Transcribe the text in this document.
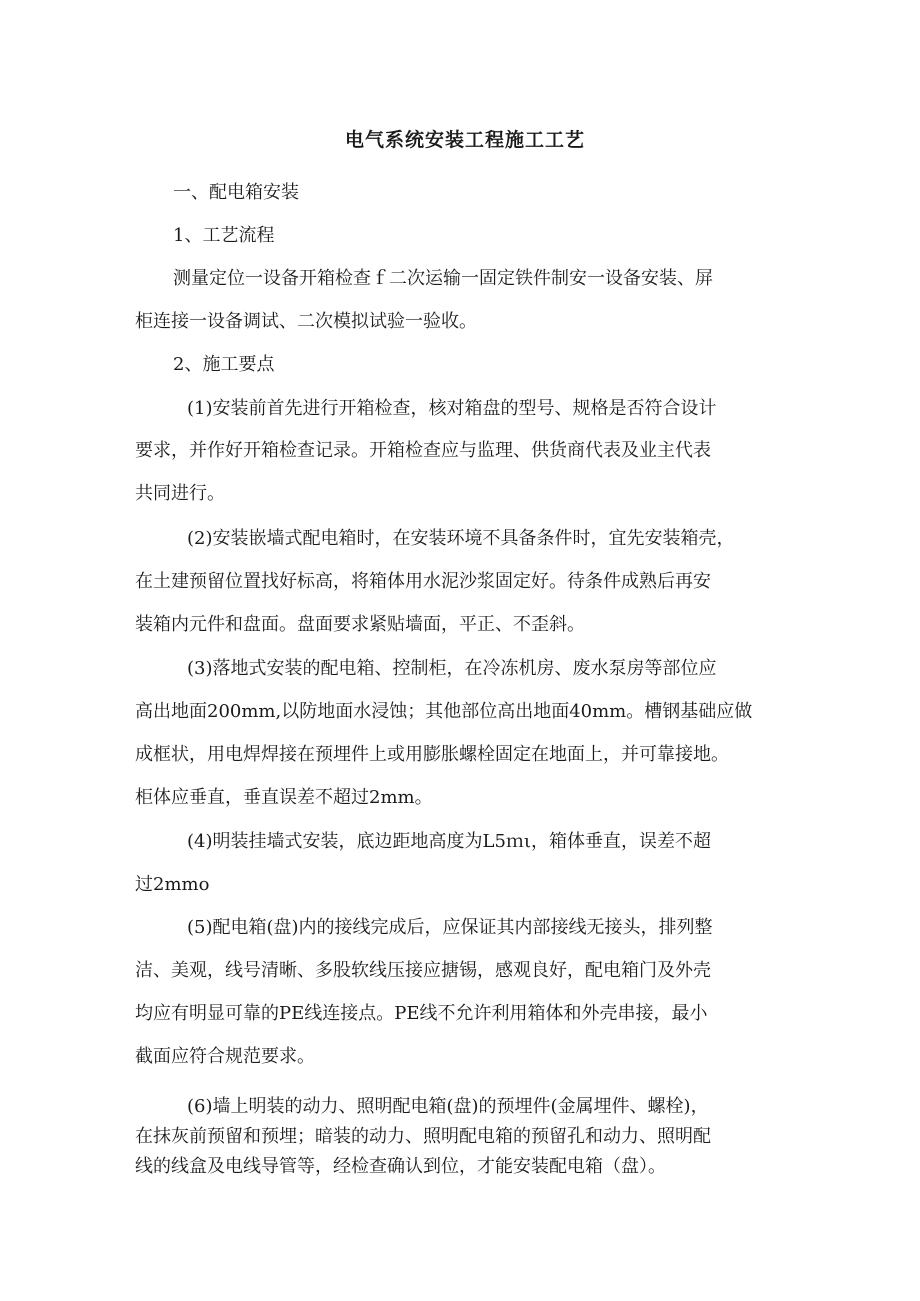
电气系统安装工程施工工艺
一、配电箱安装
1、工艺流程
测量定位一设备开箱检查ｆ二次运输一固定铁件制安一设备安装、屏
柜连接一设备调试、二次模拟试验一验收。
2、施工要点
(1)安装前首先进行开箱检查，核对箱盘的型号、规格是否符合设计
要求，并作好开箱检查记录。开箱检查应与监理、供货商代表及业主代表
共同进行。
(2)安装嵌墙式配电箱时，在安装环境不具备条件时，宜先安装箱壳，
在土建预留位置找好标高，将箱体用水泥沙浆固定好。待条件成熟后再安
装箱内元件和盘面。盘面要求紧贴墙面，平正、不歪斜。
(3)落地式安装的配电箱、控制柜，在冷冻机房、废水泵房等部位应
高出地面200mm,以防地面水浸蚀；其他部位高出地面40mm。槽钢基础应做
成框状，用电焊焊接在预埋件上或用膨胀螺栓固定在地面上，并可靠接地。
柜体应垂直，垂直误差不超过2mm。
(4)明装挂墙式安装，底边距地高度为L5ｍι，箱体垂直，误差不超
过2mmo
(5)配电箱(盘)内的接线完成后，应保证其内部接线无接头，排列整
洁、美观，线号清晰、多股软线压接应搪锡，感观良好，配电箱门及外壳
均应有明显可靠的PE线连接点。PE线不允许利用箱体和外壳串接，最小
截面应符合规范要求。
(6)墙上明装的动力、照明配电箱(盘)的预埋件(金属埋件、螺栓)，
在抹灰前预留和预埋；暗装的动力、照明配电箱的预留孔和动力、照明配
线的线盒及电线导管等，经检查确认到位，才能安装配电箱（盘）。
